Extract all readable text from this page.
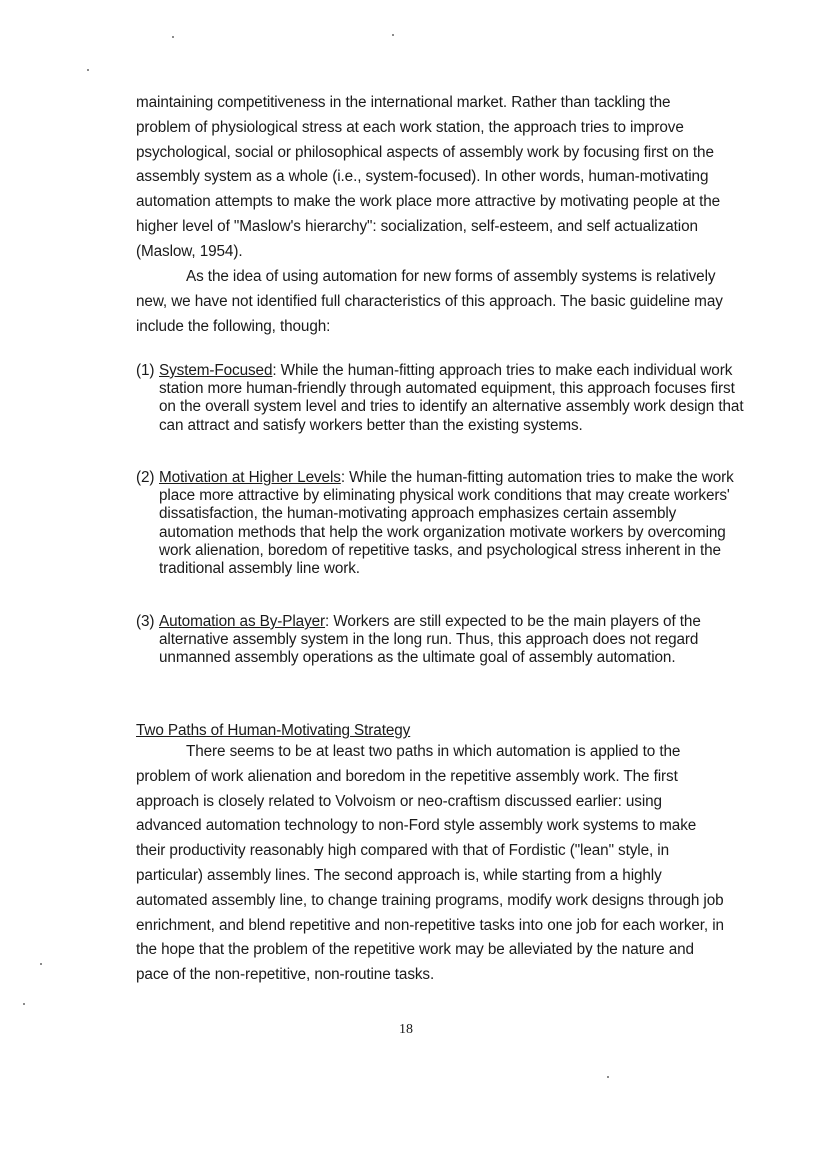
maintaining competitiveness in the international market. Rather than tackling the problem of physiological stress at each work station, the approach tries to improve psychological, social or philosophical aspects of assembly work by focusing first on the assembly system as a whole (i.e., system-focused). In other words, human-motivating automation attempts to make the work place more attractive by motivating people at the higher level of "Maslow's hierarchy": socialization, self-esteem, and self actualization (Maslow, 1954).

As the idea of using automation for new forms of assembly systems is relatively new, we have not identified full characteristics of this approach. The basic guideline may include the following, though:

(1) System-Focused: While the human-fitting approach tries to make each individual work station more human-friendly through automated equipment, this approach focuses first on the overall system level and tries to identify an alternative assembly work design that can attract and satisfy workers better than the existing systems.

(2) Motivation at Higher Levels: While the human-fitting automation tries to make the work place more attractive by eliminating physical work conditions that may create workers' dissatisfaction, the human-motivating approach emphasizes certain assembly automation methods that help the work organization motivate workers by overcoming work alienation, boredom of repetitive tasks, and psychological stress inherent in the traditional assembly line work.

(3) Automation as By-Player: Workers are still expected to be the main players of the alternative assembly system in the long run. Thus, this approach does not regard unmanned assembly operations as the ultimate goal of assembly automation.

Two Paths of Human-Motivating Strategy

There seems to be at least two paths in which automation is applied to the problem of work alienation and boredom in the repetitive assembly work. The first approach is closely related to Volvoism or neo-craftism discussed earlier: using advanced automation technology to non-Ford style assembly work systems to make their productivity reasonably high compared with that of Fordistic ("lean" style, in particular) assembly lines. The second approach is, while starting from a highly automated assembly line, to change training programs, modify work designs through job enrichment, and blend repetitive and non-repetitive tasks into one job for each worker, in the hope that the problem of the repetitive work may be alleviated by the nature and pace of the non-repetitive, non-routine tasks.

18
